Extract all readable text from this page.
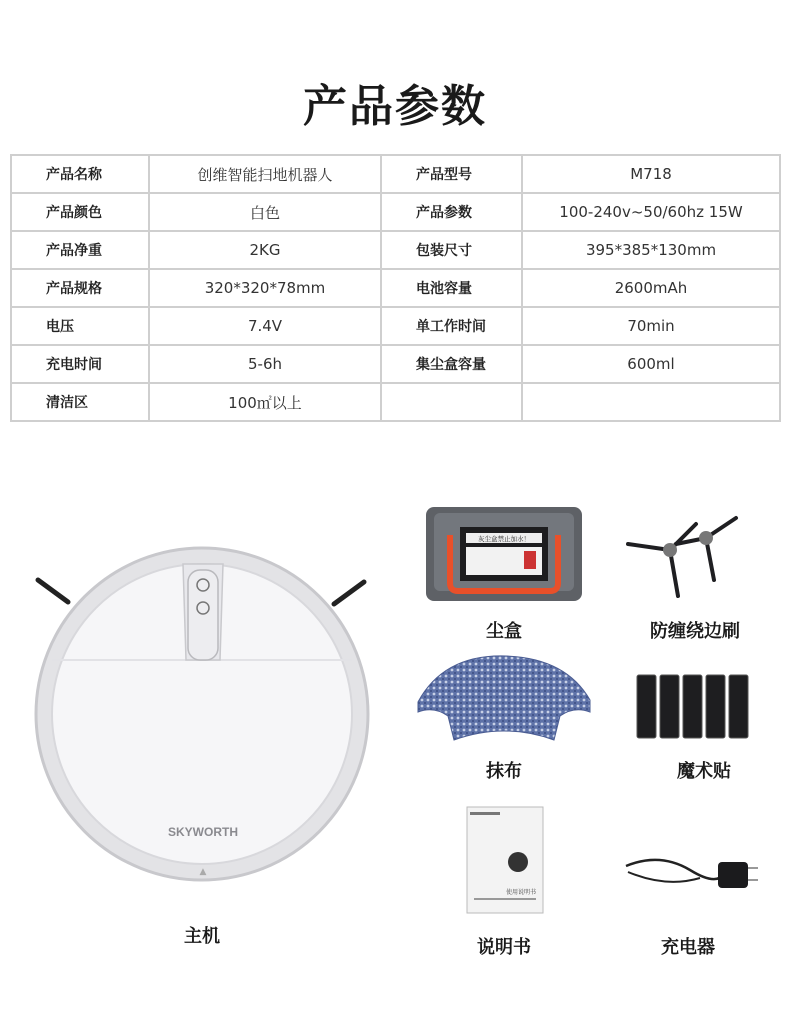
产品参数
产品名称	创维智能扫地机器人	产品型号	M718
产品颜色	白色	产品参数	100-240v~50/60hz 15W
产品净重	2KG	包装尺寸	395*385*130mm
产品规格	320*320*78mm	电池容量	2600mAh
电压	7.4V	单工作时间	70min
充电时间	5-6h	集尘盒容量	600ml
清洁区	100㎡以上		
SKYWORTH
▲
主机
灰尘盒禁止加水！
尘盒	防缠绕边刷
抹布	魔术贴
使用说明书
说明书	充电器
